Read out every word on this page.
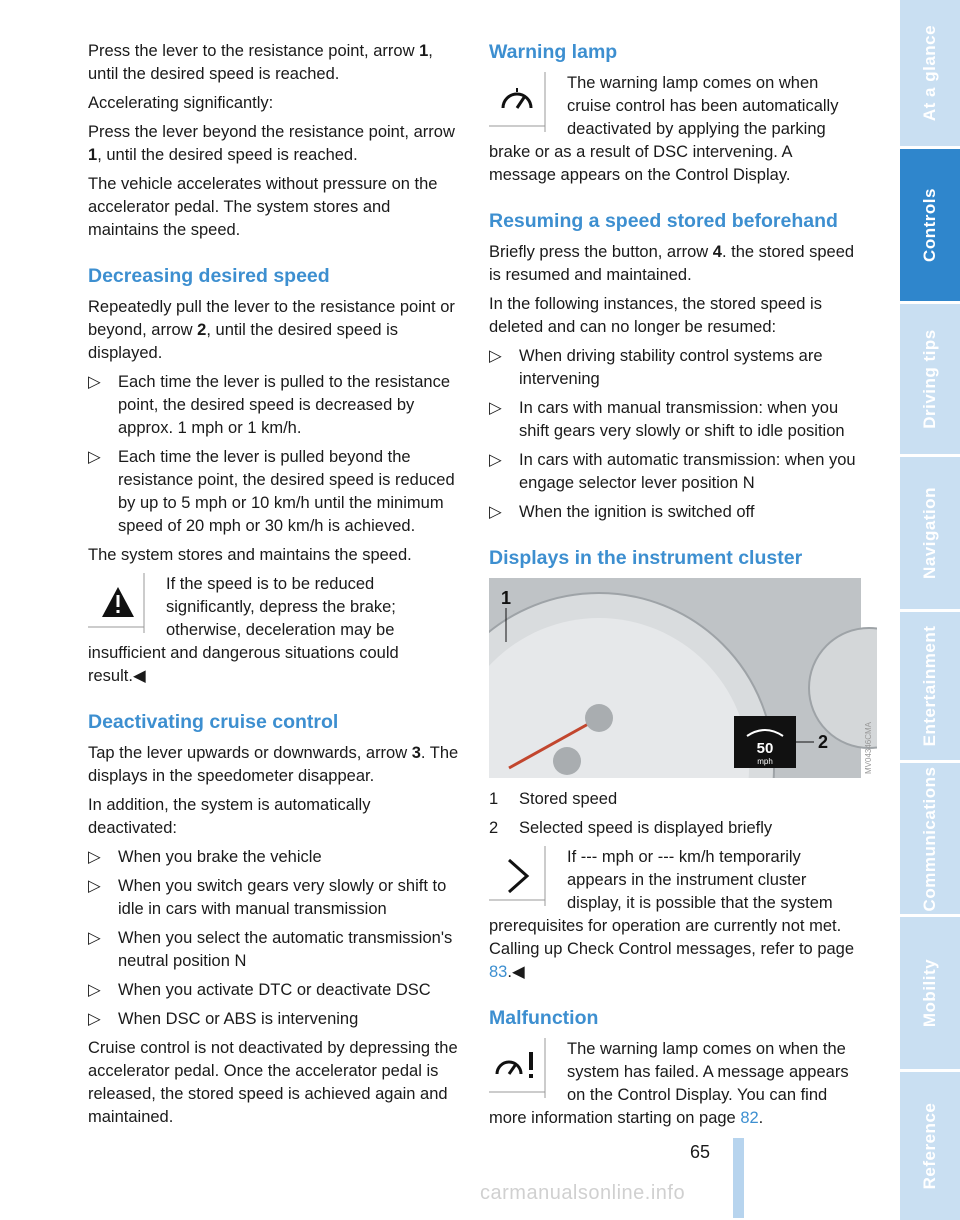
Press the lever to the resistance point, arrow 1, until the desired speed is reached.

Accelerating significantly:

Press the lever beyond the resistance point, arrow 1, until the desired speed is reached.

The vehicle accelerates without pressure on the accelerator pedal. The system stores and maintains the speed.

Decreasing desired speed

Repeatedly pull the lever to the resistance point or beyond, arrow 2, until the desired speed is displayed.

▷ Each time the lever is pulled to the resistance point, the desired speed is decreased by approx. 1 mph or 1 km/h.
▷ Each time the lever is pulled beyond the resistance point, the desired speed is reduced by up to 5 mph or 10 km/h until the minimum speed of 20 mph or 30 km/h is achieved.

The system stores and maintains the speed.

If the speed is to be reduced significantly, depress the brake; otherwise, deceleration may be insufficient and dangerous situations could result.◀
Deactivating cruise control

Tap the lever upwards or downwards, arrow 3. The displays in the speedometer disappear.

In addition, the system is automatically deactivated:

▷ When you brake the vehicle
▷ When you switch gears very slowly or shift to idle in cars with manual transmission
▷ When you select the automatic transmission's neutral position N
▷ When you activate DTC or deactivate DSC
▷ When DSC or ABS is intervening

Cruise control is not deactivated by depressing the accelerator pedal. Once the accelerator pedal is released, the stored speed is achieved again and maintained.

Warning lamp
The warning lamp comes on when cruise control has been automatically deactivated by applying the parking brake or as a result of DSC intervening. A message appears on the Control Display.
Resuming a speed stored beforehand

Briefly press the button, arrow 4. the stored speed is resumed and maintained.

In the following instances, the stored speed is deleted and can no longer be resumed:

▷ When driving stability control systems are intervening
▷ In cars with manual transmission: when you shift gears very slowly or shift to idle position
▷ In cars with automatic transmission: when you engage selector lever position N
▷ When the ignition is switched off
Displays in the instrument cluster
50
mph
2
1
MV04346CMA
1 Stored speed
2 Selected speed is displayed briefly
If --- mph or --- km/h temporarily appears in the instrument cluster display, it is possible that the system prerequisites for operation are currently not met.
Calling up Check Control messages, refer to page 83.◀
Malfunction
The warning lamp comes on when the system has failed. A message appears on the Control Display. You can find more information starting on page 82.
At a glance
Controls
Driving tips
Navigation
Entertainment
Communications
Mobility
Reference
65
carmanualsonline.info
